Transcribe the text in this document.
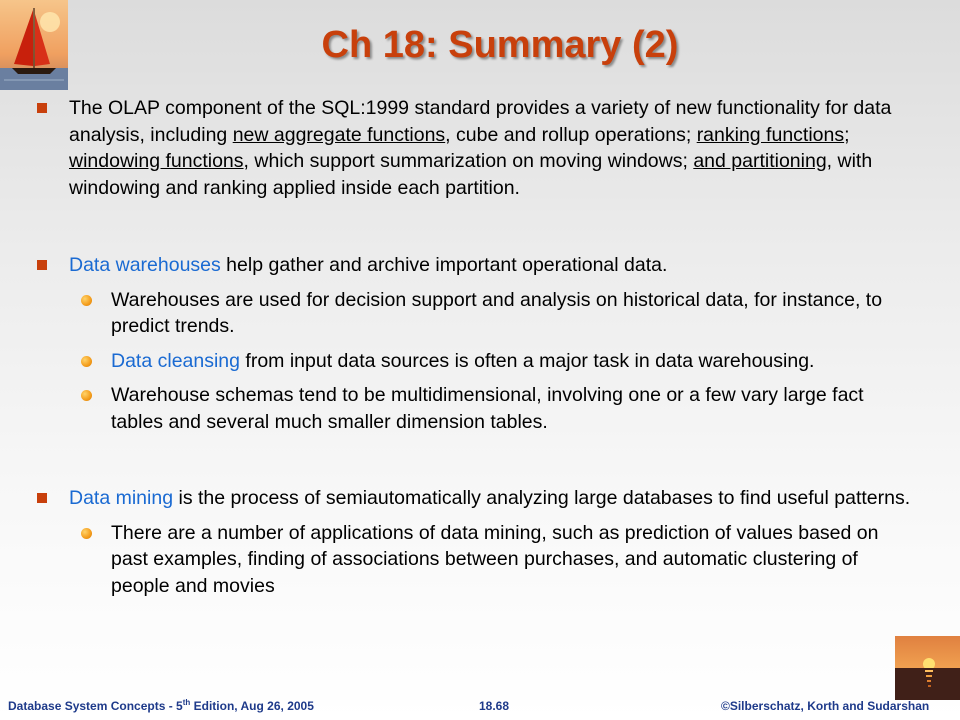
Ch 18: Summary (2)

The OLAP component of the SQL:1999 standard provides a variety of new functionality for data analysis, including new aggregate functions, cube and rollup operations; ranking functions; windowing functions, which support summarization on moving windows; and partitioning, with windowing and ranking applied inside each partition.

Data warehouses help gather and archive important operational data.

Warehouses are used for decision support and analysis on historical data, for instance, to predict trends.

Data cleansing from input data sources is often a major task in data warehousing.

Warehouse schemas tend to be multidimensional, involving one or a few vary large fact tables and several much smaller dimension tables.

Data mining is the process of semiautomatically analyzing large databases to find useful patterns.

There are a number of applications of data mining, such as prediction of values based on past examples, finding of associations between purchases, and automatic clustering of people and movies

Database System Concepts - 5th Edition, Aug 26, 2005	18.68	©Silberschatz, Korth and Sudarshan
